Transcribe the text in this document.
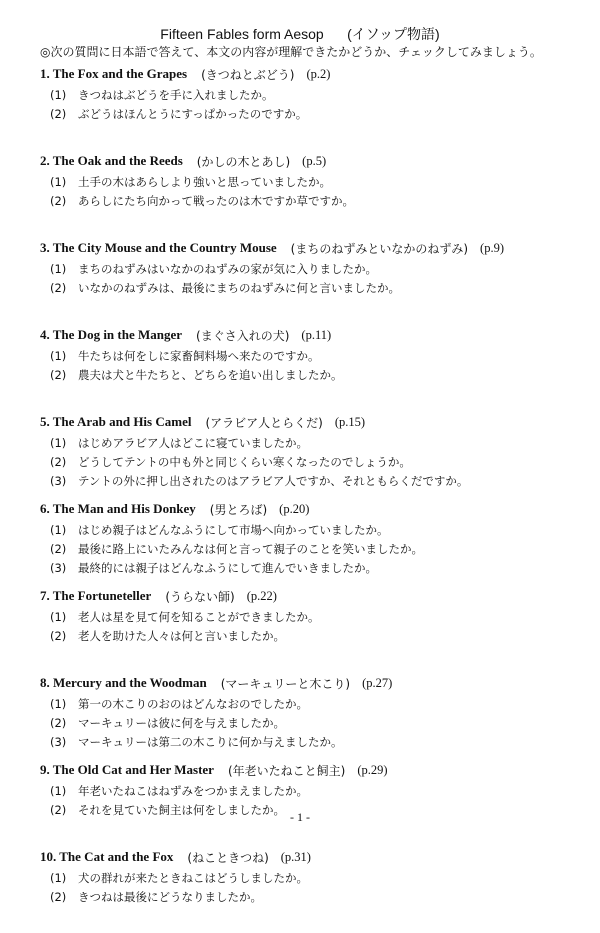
Fifteen Fables form Aesop (イソップ物語)
◎次の質問に日本語で答えて、本文の内容が理解できたかどうか、チェックしてみましょう。
1. The Fox and the Grapes (きつねとぶどう) (p.2)
(1)	きつねはぶどうを手に入れましたか。
(2)	ぶどうはほんとうにすっぱかったのですか。
2. The Oak and the Reeds (かしの木とあし) (p.5)
(1)	土手の木はあらしより強いと思っていましたか。
(2)	あらしにたち向かって戦ったのは木ですか草ですか。
3. The City Mouse and the Country Mouse (まちのねずみといなかのねずみ) (p.9)
(1)	まちのねずみはいなかのねずみの家が気に入りましたか。
(2)	いなかのねずみは、最後にまちのねずみに何と言いましたか。
4. The Dog in the Manger (まぐさ入れの犬) (p.11)
(1)	牛たちは何をしに家畜飼料場へ来たのですか。
(2)	農夫は犬と牛たちと、どちらを追い出しましたか。
5. The Arab and His Camel (アラビア人とらくだ) (p.15)
(1)	はじめアラビア人はどこに寝ていましたか。
(2)	どうしてテントの中も外と同じくらい寒くなったのでしょうか。
(3)	テントの外に押し出されたのはアラビア人ですか、それともらくだですか。
6. The Man and His Donkey (男とろば) (p.20)
(1)	はじめ親子はどんなふうにして市場へ向かっていましたか。
(2)	最後に路上にいたみんなは何と言って親子のことを笑いましたか。
(3)	最終的には親子はどんなふうにして進んでいきましたか。
7. The Fortuneteller (うらない師) (p.22)
(1)	老人は星を見て何を知ることができましたか。
(2)	老人を助けた人々は何と言いましたか。
8. Mercury and the Woodman (マーキュリーと木こり) (p.27)
(1)	第一の木こりのおのはどんなおのでしたか。
(2)	マーキュリーは彼に何を与えましたか。
(3)	マーキュリーは第二の木こりに何か与えましたか。
9. The Old Cat and Her Master (年老いたねこと飼主) (p.29)
(1)	年老いたねこはねずみをつかまえましたか。
(2)	それを見ていた飼主は何をしましたか。
10. The Cat and the Fox (ねこときつね) (p.31)
(1)	犬の群れが来たときねこはどうしましたか。
(2)	きつねは最後にどうなりましたか。
- 1 -
